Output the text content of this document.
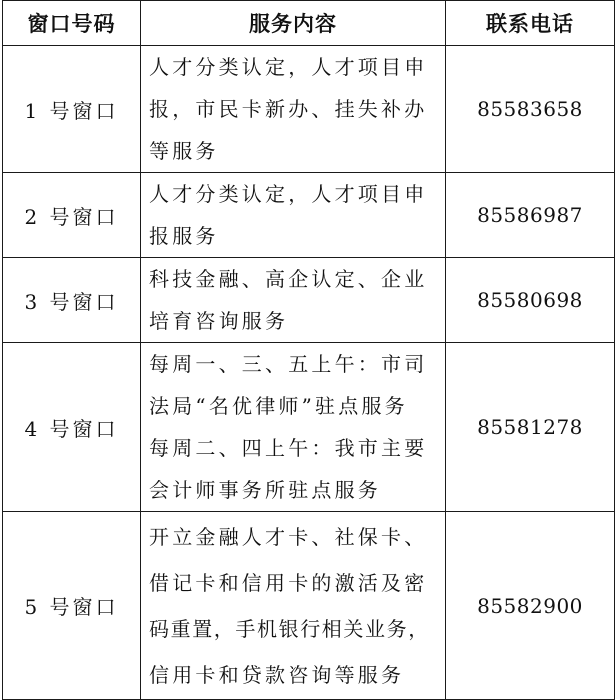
窗口号码	服务内容	联系电话
1 号窗口	人才分类认定，人才项目申
报，市民卡新办、挂失补办
等服务	85583658
2 号窗口	人才分类认定，人才项目申
报服务	85586987
3 号窗口	科技金融、高企认定、企业
培育咨询服务	85580698
4 号窗口	每周一、三、五上午：市司
法局“名优律师”驻点服务
每周二、四上午：我市主要
会计师事务所驻点服务	85581278
5 号窗口	开立金融人才卡、社保卡、
借记卡和信用卡的激活及密
码重置，手机银行相关业务，
信用卡和贷款咨询等服务	85582900
